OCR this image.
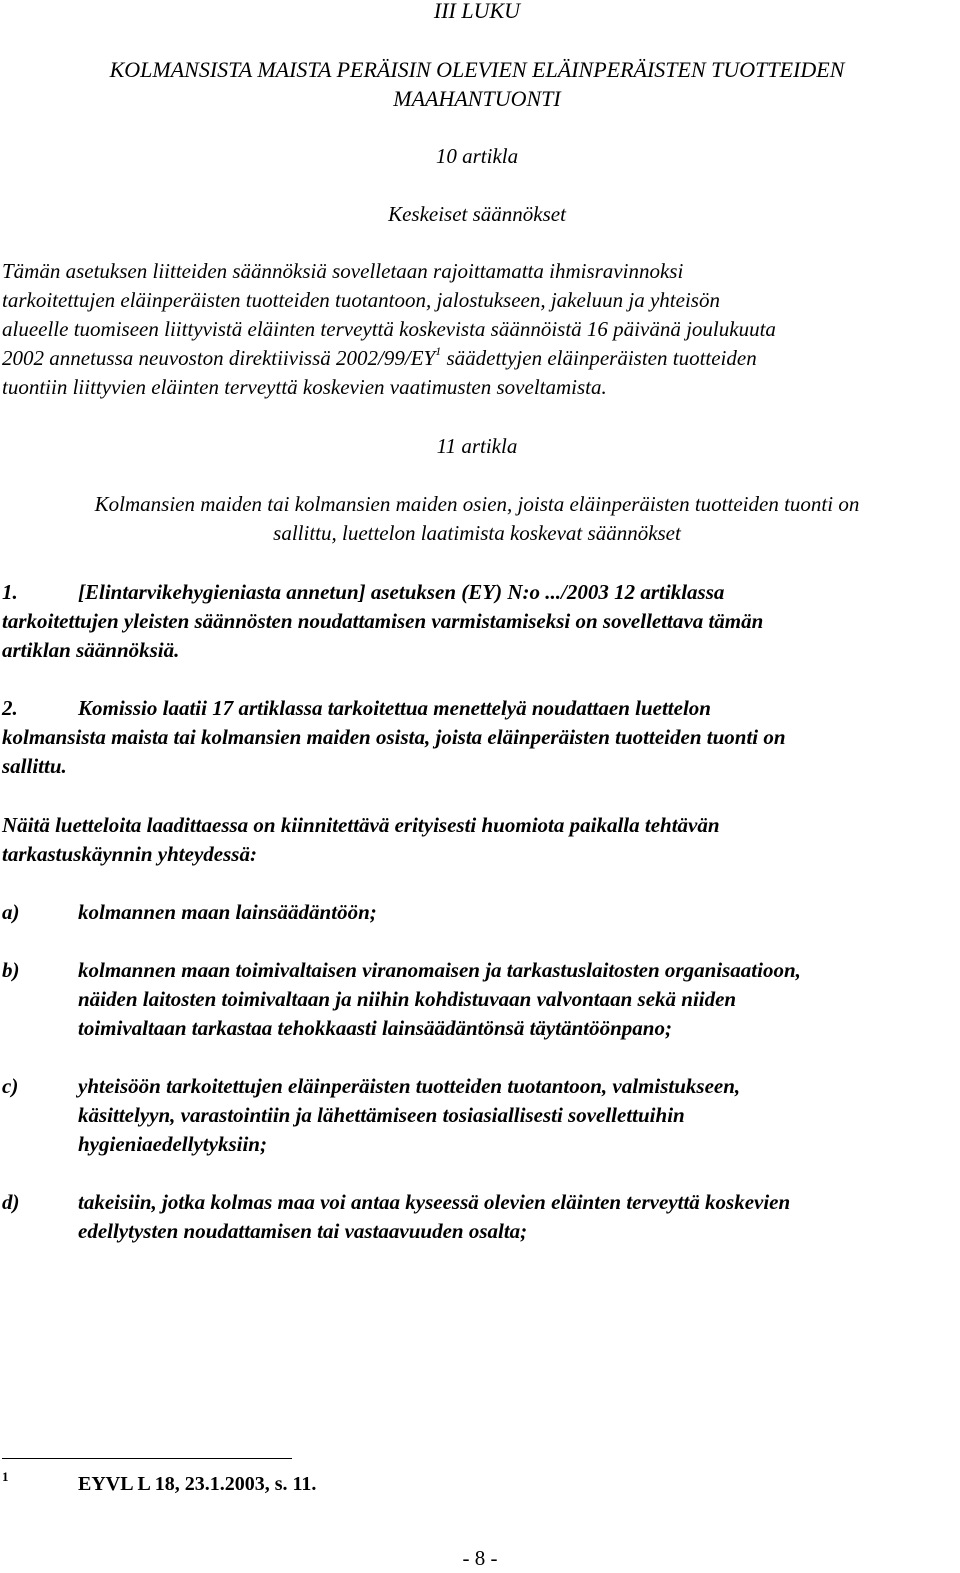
III LUKU
KOLMANSISTA MAISTA PERÄISIN OLEVIEN ELÄINPERÄISTEN TUOTTEIDEN
MAAHANTUONTI
10 artikla
Keskeiset säännökset
Tämän asetuksen liitteiden säännöksiä sovelletaan rajoittamatta ihmisravinnoksi
tarkoitettujen eläinperäisten tuotteiden tuotantoon, jalostukseen, jakeluun ja yhteisön
alueelle tuomiseen liittyvistä eläinten terveyttä koskevista säännöistä 16 päivänä joulukuuta
2002 annetussa neuvoston direktiivissä $2002/99/EY^1$ säädettyjen eläinperäisten tuotteiden
tuontiin liittyvien eläinten terveyttä koskevien vaatimusten soveltamista.
11 artikla
Kolmansien maiden tai kolmansien maiden osien, joista eläinperäisten tuotteiden tuonti on
sallittu, luettelon laatimista koskevat säännökset
1.	[Elintarvikehygieniasta annetun] asetuksen (EY) N:o .../2003 12 artiklassa
tarkoitettujen yleisten säännösten noudattamisen varmistamiseksi on sovellettava tämän
artiklan säännöksiä.
2.	Komissio laatii 17 artiklassa tarkoitettua menettelyä noudattaen luettelon
kolmansista maista tai kolmansien maiden osista, joista eläinperäisten tuotteiden tuonti on
sallittu.
Näitä luetteloita laadittaessa on kiinnitettävä erityisesti huomiota paikalla tehtävän
tarkastuskäynnin yhteydessä:
a)	kolmannen maan lainsäädäntöön;
b)	kolmannen maan toimivaltaisen viranomaisen ja tarkastuslaitosten organisaatioon,
näiden laitosten toimivaltaan ja niihin kohdistuvaan valvontaan sekä niiden
toimivaltaan tarkastaa tehokkaasti lainsäädäntönsä täytäntöönpano;
c)	yhteisöön tarkoitettujen eläinperäisten tuotteiden tuotantoon, valmistukseen,
käsittelyyn, varastointiin ja lähettämiseen tosiasiallisesti sovellettuihin
hygieniaedellytyksiin;
d)	takeisiin, jotka kolmas maa voi antaa kyseessä olevien eläinten terveyttä koskevien
edellytysten noudattamisen tai vastaavuuden osalta;
1	EYVL L 18, 23.1.2003, s. 11.
- 8 -
